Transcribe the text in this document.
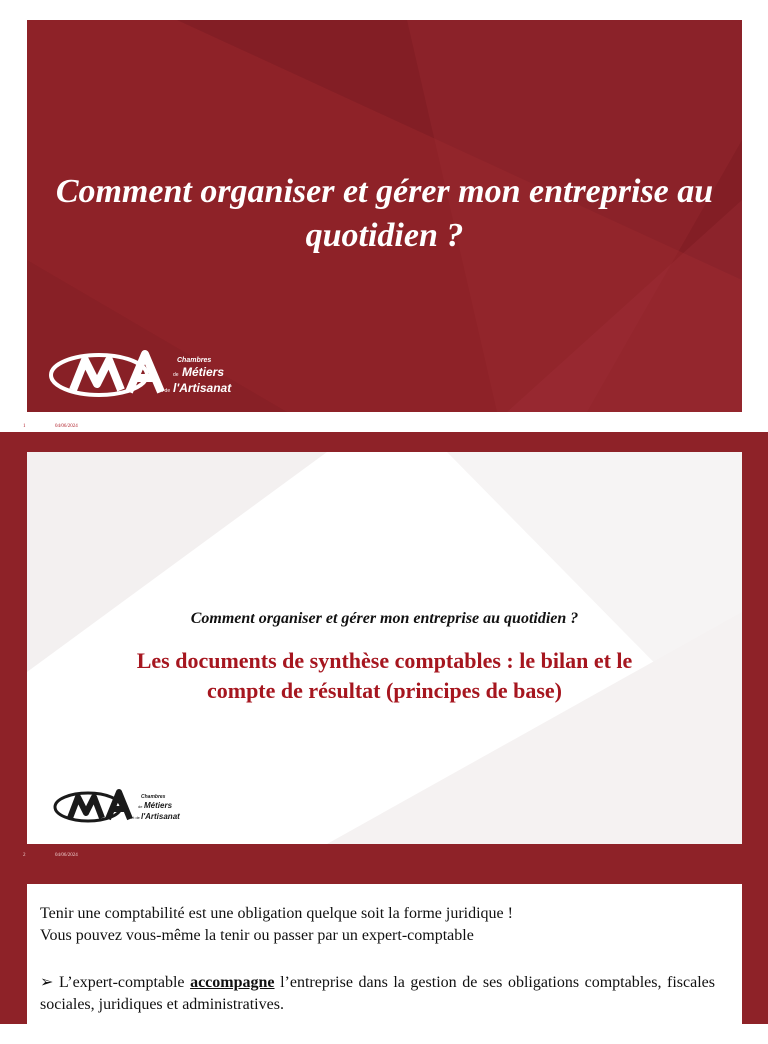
Comment organiser et gérer mon entreprise au quotidien ?
Chambres
de Métiers
et de l'Artisanat
1	04/06/2024
Comment organiser et gérer mon entreprise au quotidien ?
Les documents de synthèse comptables : le bilan et le
compte de résultat (principes de base)
Chambres
de Métiers
et de l'Artisanat
2	04/06/2024
Tenir une comptabilité est une obligation quelque soit la forme juridique !
Vous pouvez vous-même la tenir ou passer par un expert-comptable
➢ L’expert-comptable accompagne l’entreprise dans la gestion de ses obligations comptables, fiscales sociales, juridiques et administratives.
